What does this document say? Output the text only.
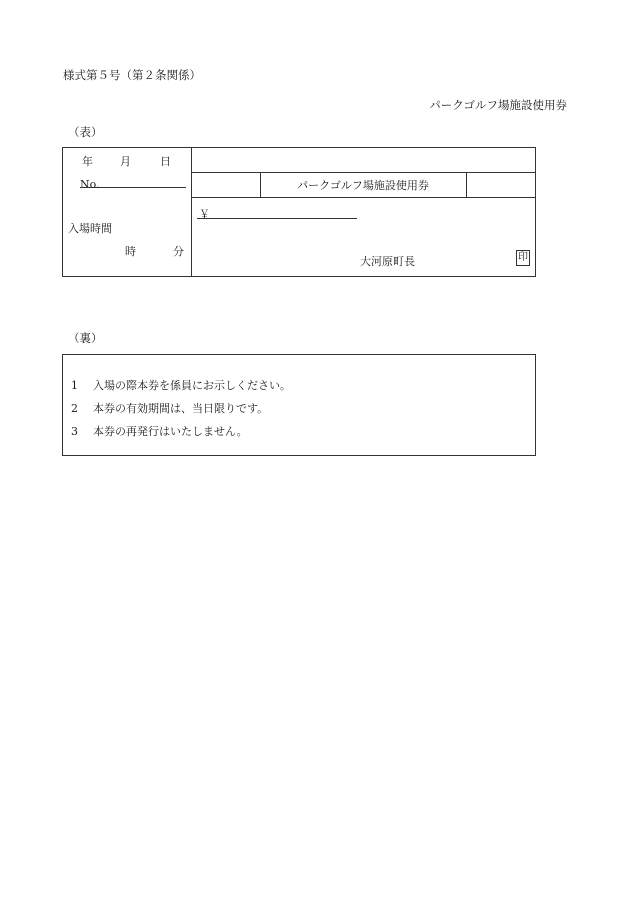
様式第５号（第２条関係）
パークゴルフ場施設使用券
（表）
年 月	日
No.
入場時間
時	分
パークゴルフ場施設使用券
￥
大河原町長	印
（裏）
1 入場の際本券を係員にお示しください。
2 本券の有効期間は、当日限りです。
3 本券の再発行はいたしません。
